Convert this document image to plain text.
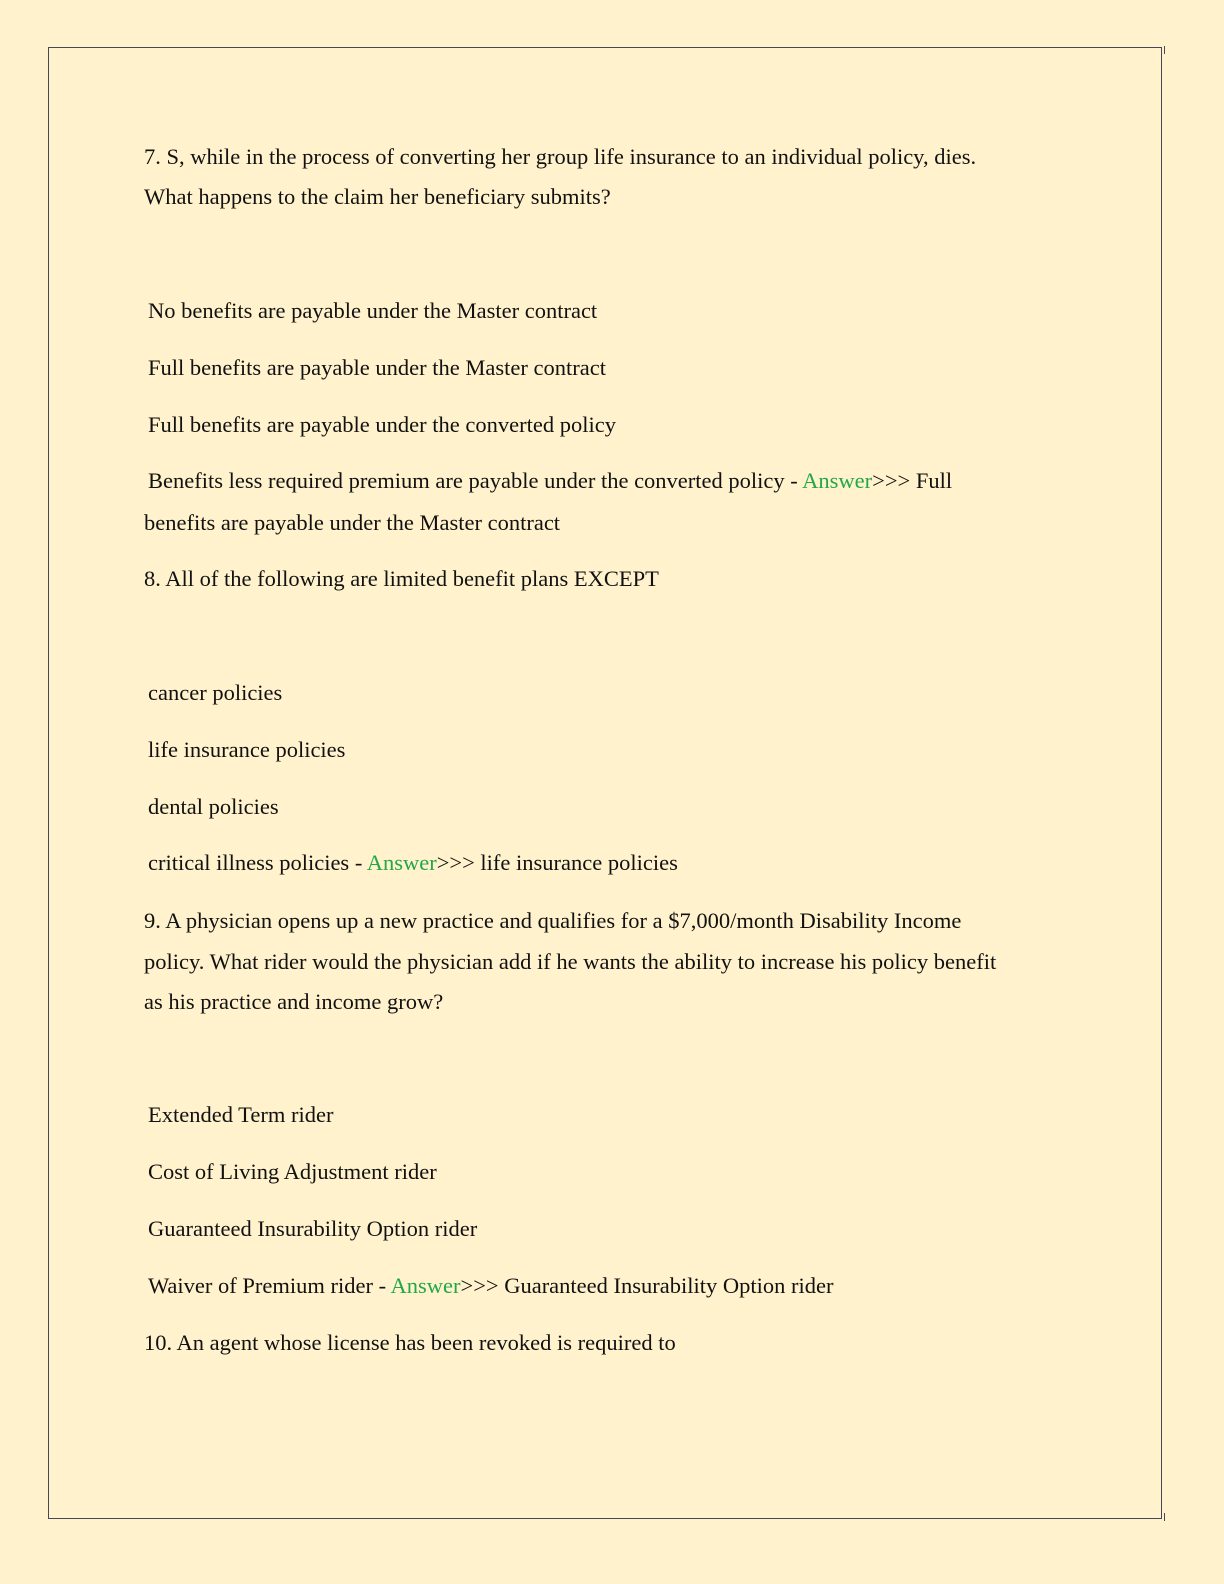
7. S, while in the process of converting her group life insurance to an individual policy, dies.
What happens to the claim her beneficiary submits?
No benefits are payable under the Master contract
Full benefits are payable under the Master contract
Full benefits are payable under the converted policy
Benefits less required premium are payable under the converted policy - Answer>>> Full
benefits are payable under the Master contract
8. All of the following are limited benefit plans EXCEPT
cancer policies
life insurance policies
dental policies
critical illness policies - Answer>>> life insurance policies
9. A physician opens up a new practice and qualifies for a $7,000/month Disability Income
policy. What rider would the physician add if he wants the ability to increase his policy benefit
as his practice and income grow?
Extended Term rider
Cost of Living Adjustment rider
Guaranteed Insurability Option rider
Waiver of Premium rider - Answer>>> Guaranteed Insurability Option rider
10. An agent whose license has been revoked is required to
